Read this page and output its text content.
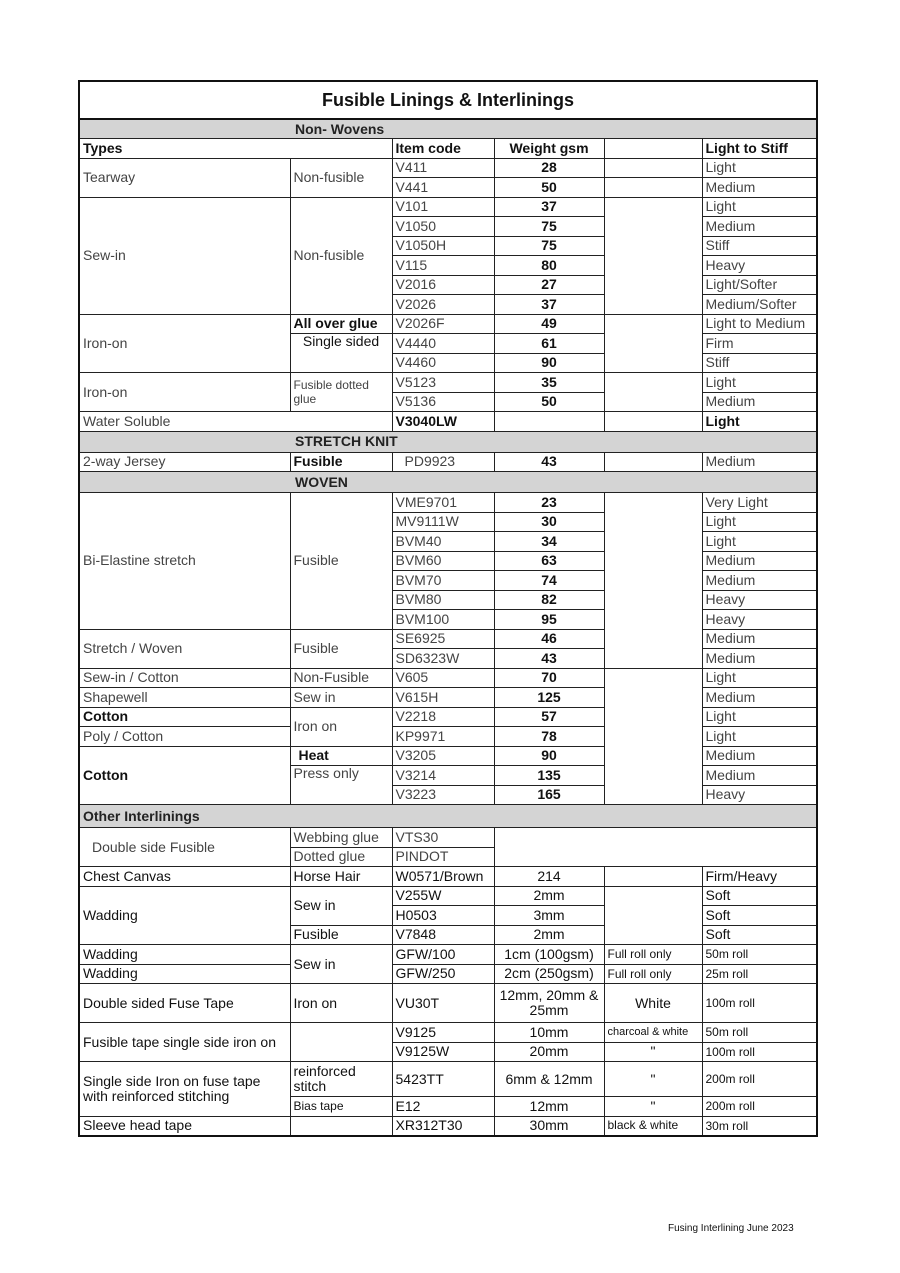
Fusible Linings & Interlinings					
Non- Wovens					
Types		Item code	Weight gsm		Light to Stiff
Tearway	Non-fusible	V411	28		Light
		V441	50		Medium
Sew-in	Non-fusible	V101	37		Light
		V1050	75		Medium
		V1050H	75		Stiff
		V115	80		Heavy
		V2016	27		Light/Softer
		V2026	37		Medium/Softer
Iron-on	All over glue	V2026F	49		Light to Medium
	Single sided	V4440	61		Firm
		V4460	90		Stiff
Iron-on	Fusible dotted glue	V5123	35		Light
		V5136	50		Medium
Water Soluble		V3040LW			Light
STRETCH KNIT					
2-way Jersey	Fusible	PD9923	43		Medium
WOVEN					
Bi-Elastine stretch	Fusible	VME9701	23		Very Light
		MV9111W	30		Light
		BVM40	34		Light
		BVM60	63		Medium
		BVM70	74		Medium
		BVM80	82		Heavy
		BVM100	95		Heavy
Stretch / Woven	Fusible	SE6925	46		Medium
		SD6323W	43		Medium
Sew-in / Cotton	Non-Fusible	V605	70		Light
Shapewell	Sew in	V615H	125		Medium
Cotton	Iron on	V2218	57		Light
Poly / Cotton		KP9971	78		Light
Cotton	Heat	V3205	90		Medium
	Press only	V3214	135		Medium
		V3223	165		Heavy
Other Interlinings					
Double side Fusible	Webbing glue	VTS30			
	Dotted glue	PINDOT			
Chest Canvas	Horse Hair	W0571/Brown	214		Firm/Heavy
Wadding	Sew in	V255W	2mm		Soft
		H0503	3mm		Soft
	Fusible	V7848	2mm		Soft
Wadding	Sew in	GFW/100	1cm (100gsm)	Full roll only	50m roll
Wadding		GFW/250	2cm (250gsm)	Full roll only	25m roll
Double sided Fuse Tape	Iron on	VU30T	12mm, 20mm & 25mm	White	100m roll
Fusible tape single side iron on		V9125	10mm	charcoal & white	50m roll
		V9125W	20mm	"	100m roll
Single side Iron on fuse tape with reinforced stitching	reinforced stitch	5423TT	6mm & 12mm	"	200m roll
	Bias tape	E12	12mm	"	200m roll
Sleeve head tape		XR312T30	30mm	black & white	30m roll
Fusing Interlining June 2023
